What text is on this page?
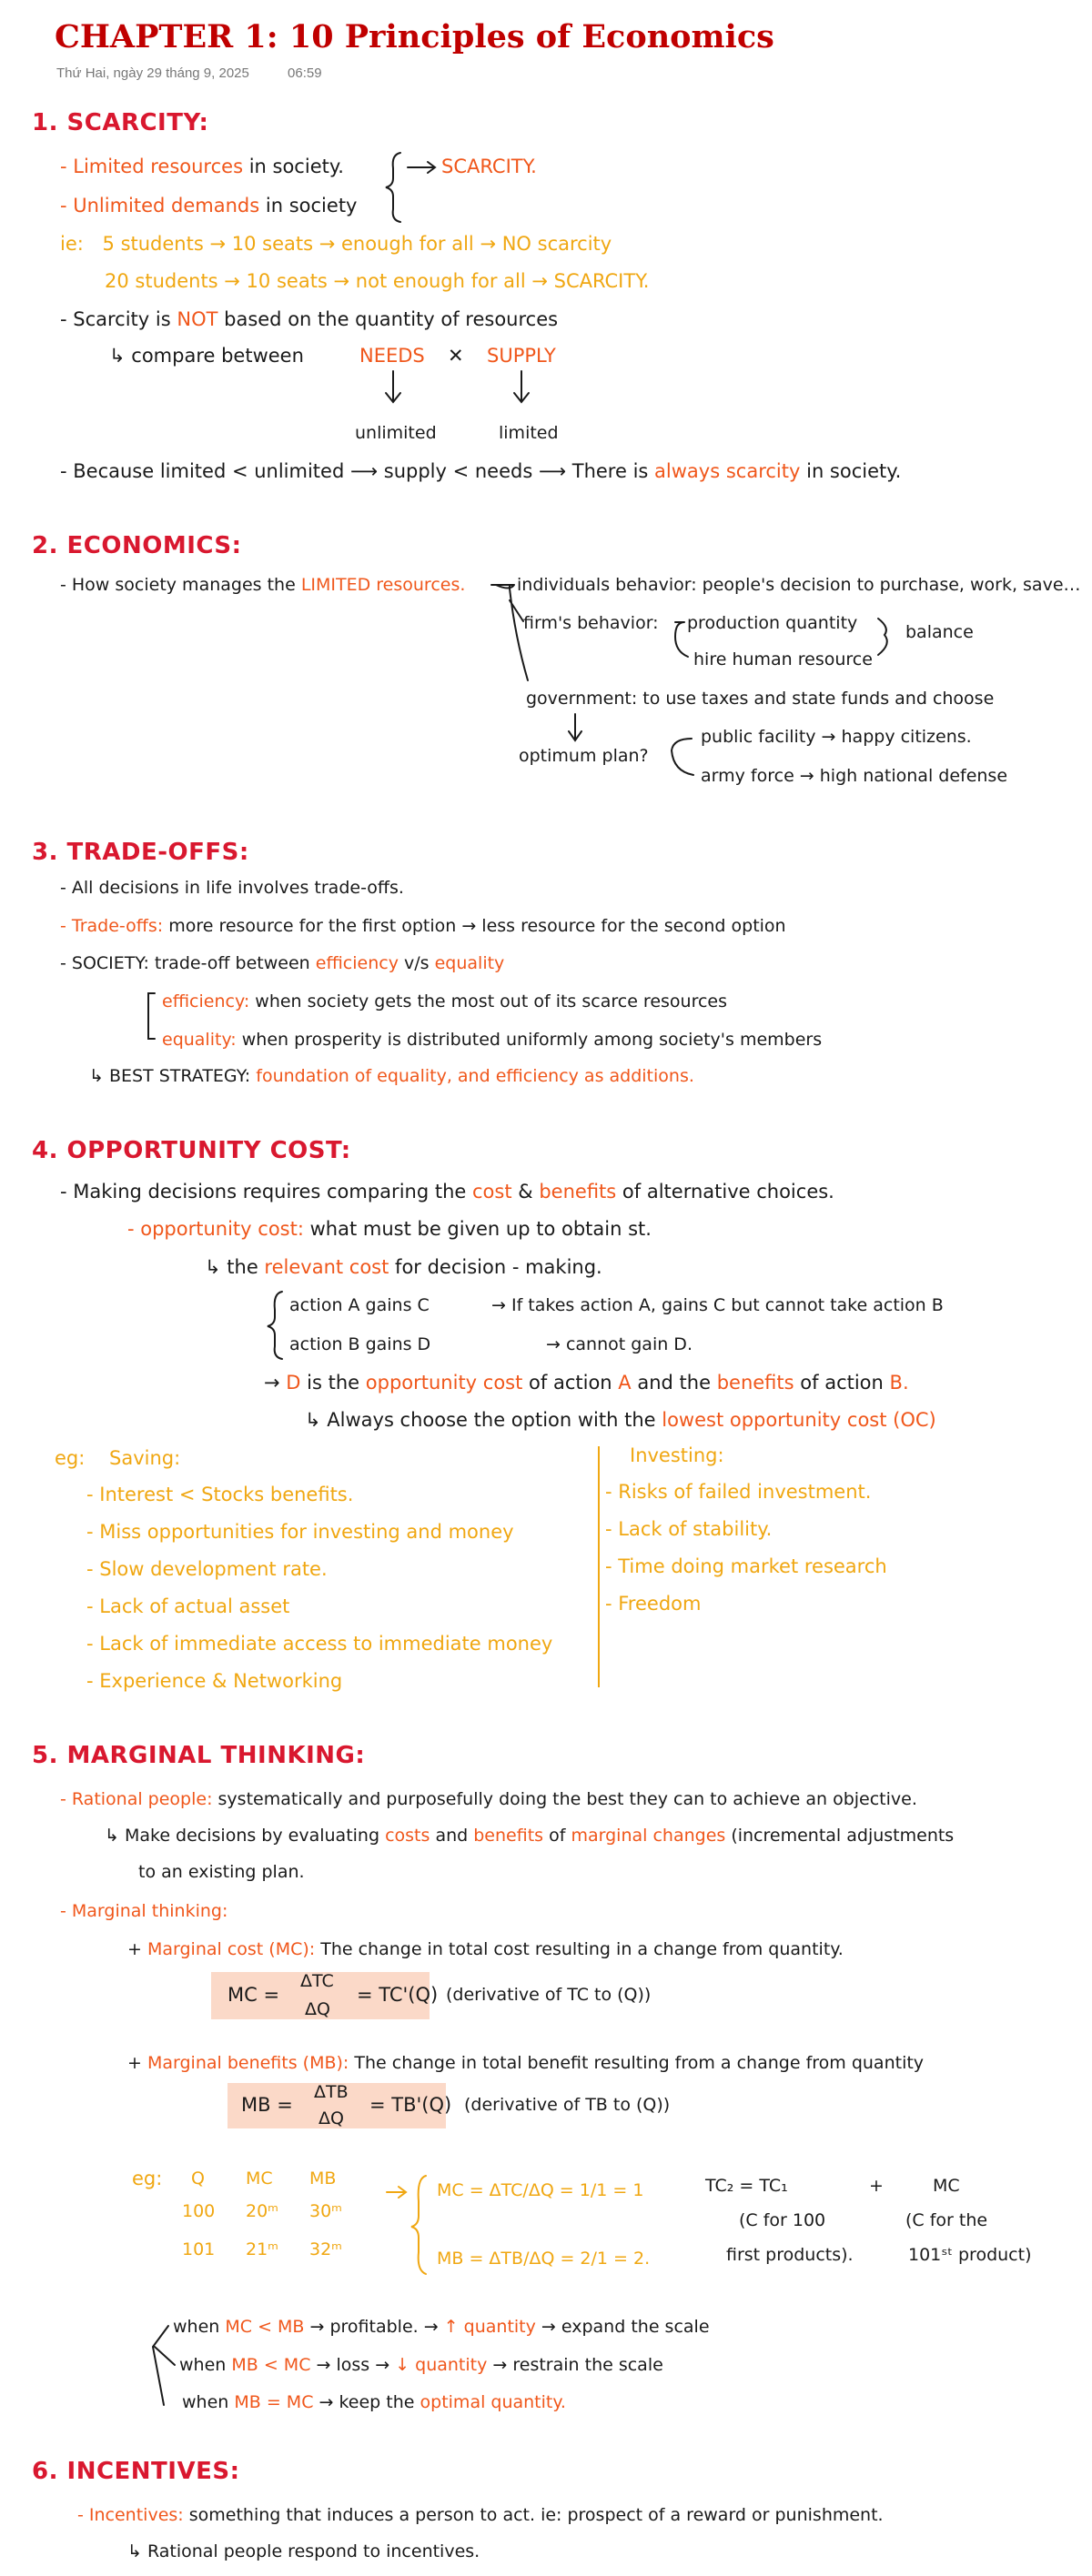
CHAPTER 1: 10 Principles of Economics
Thứ Hai, ngày 29 tháng 9, 2025	06:59
1. SCARCITY:
- Limited resources in society.	SCARCITY.
- Unlimited demands in society
ie: 5 students → 10 seats → enough for all → NO scarcity
20 students → 10 seats → not enough for all → SCARCITY.
- Scarcity is NOT based on the quantity of resources
↳ compare between	NEEDS ✕ SUPPLY
unlimited	limited
- Because limited < unlimited ⟶ supply < needs ⟶ There is always scarcity in society.
2. ECONOMICS:
- How society manages the LIMITED resources.	individuals behavior: people's decision to purchase, work, save…
firm's behavior: production quantity
hire human resource
balance
government: to use taxes and state funds and choose
optimum plan?
public facility → happy citizens.
army force → high national defense
3. TRADE-OFFS:
- All decisions in life involves trade-offs.
- Trade-offs: more resource for the first option → less resource for the second option
- SOCIETY: trade-off between efficiency v/s equality
efficiency: when society gets the most out of its scarce resources
equality: when prosperity is distributed uniformly among society's members
↳ BEST STRATEGY: foundation of equality, and efficiency as additions.
4. OPPORTUNITY COST:
- Making decisions requires comparing the cost & benefits of alternative choices.
- opportunity cost: what must be given up to obtain st.
↳ the relevant cost for decision - making.
action A gains C	→ If takes action A, gains C but cannot take action B
action B gains D	→ cannot gain D.
→ D is the opportunity cost of action A and the benefits of action B.
↳ Always choose the option with the lowest opportunity cost (OC)
eg: Saving:	Investing:
- Interest < Stocks benefits.
- Miss opportunities for investing and money
- Slow development rate.
- Lack of actual asset
- Lack of immediate access to immediate money
- Experience & Networking
- Risks of failed investment.
- Lack of stability.
- Time doing market research
- Freedom
5. MARGINAL THINKING:
- Rational people: systematically and purposefully doing the best they can to achieve an objective.
↳ Make decisions by evaluating costs and benefits of marginal changes (incremental adjustments
to an existing plan.
- Marginal thinking:
+ Marginal cost (MC): The change in total cost resulting in a change from quantity.
MC =
ΔTC
ΔQ
= TC'(Q) (derivative of TC to (Q))
+ Marginal benefits (MB): The change in total benefit resulting from a change from quantity
MB =
ΔTB
ΔQ
= TB'(Q) (derivative of TB to (Q))
eg: Q MC MB
100 20ᵐ 30ᵐ
101 21ᵐ 32ᵐ
MC = ΔTC/ΔQ = 1/1 = 1
MB = ΔTB/ΔQ = 2/1 = 2.
TC₂ = TC₁	+	MC
(C for 100
first products).
(C for the
101ˢᵗ product)
when MC < MB → profitable. → ↑ quantity → expand the scale
when MB < MC → loss → ↓ quantity → restrain the scale
when MB = MC → keep the optimal quantity.
6. INCENTIVES:
- Incentives: something that induces a person to act. ie: prospect of a reward or punishment.
↳ Rational people respond to incentives.
